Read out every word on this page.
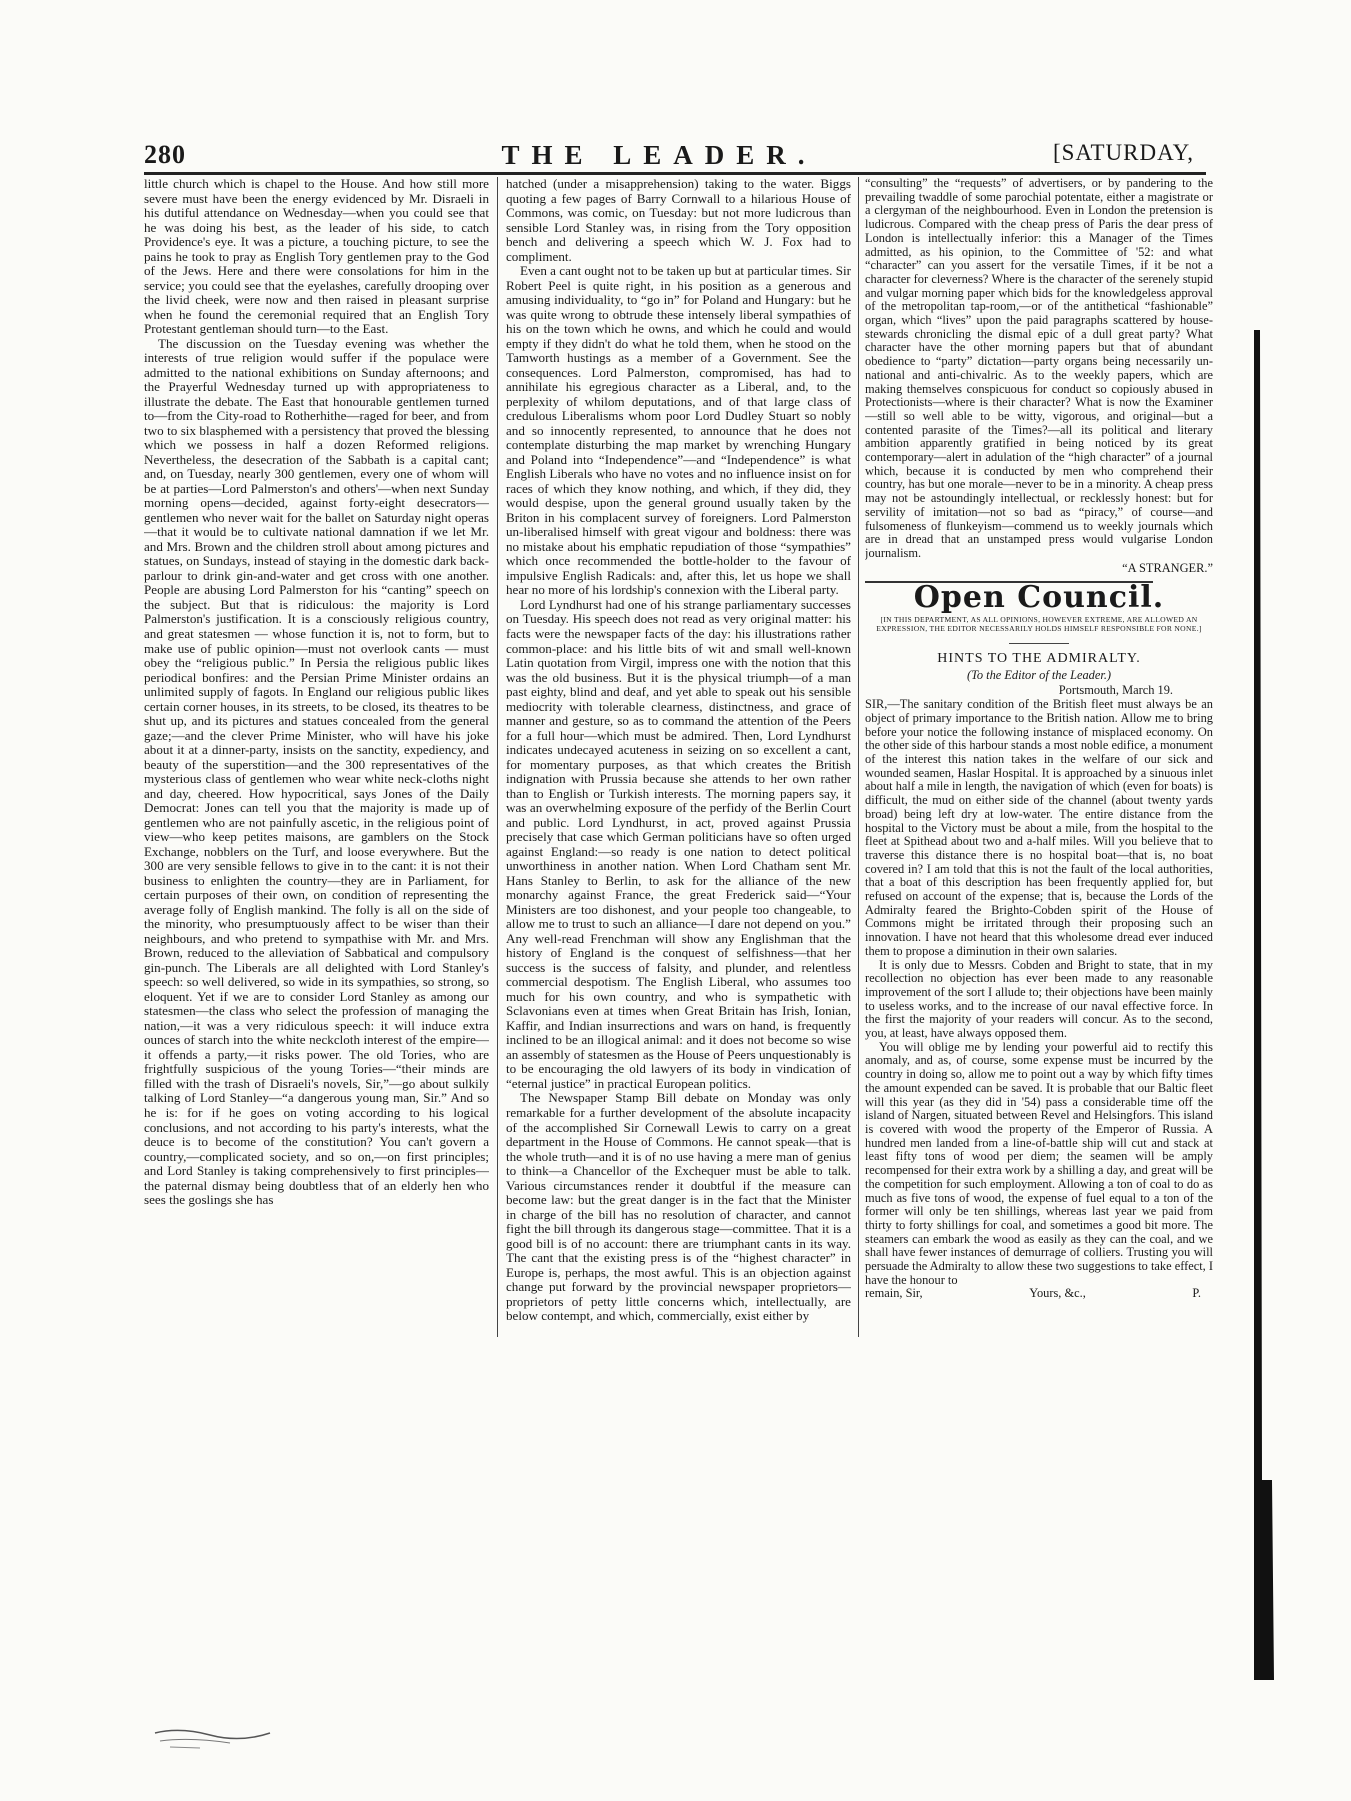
280	THE LEADER.	[SATURDAY,

little church which is chapel to the House. And how still more severe must have been the energy evidenced by Mr. Disraeli in his dutiful attendance on Wednesday—when you could see that he was doing his best, as the leader of his side, to catch Providence's eye. It was a picture, a touching picture, to see the pains he took to pray as English Tory gentlemen pray to the God of the Jews. Here and there were consolations for him in the service; you could see that the eyelashes, carefully drooping over the livid cheek, were now and then raised in pleasant surprise when he found the ceremonial required that an English Tory Protestant gentleman should turn—to the East.

The discussion on the Tuesday evening was whether the interests of true religion would suffer if the populace were admitted to the national exhibitions on Sunday afternoons; and the Prayerful Wednesday turned up with appropriateness to illustrate the debate. The East that honourable gentlemen turned to—from the City-road to Rotherhithe—raged for beer, and from two to six blasphemed with a persistency that proved the blessing which we possess in half a dozen Reformed religions. Nevertheless, the desecration of the Sabbath is a capital cant; and, on Tuesday, nearly 300 gentlemen, every one of whom will be at parties—Lord Palmerston's and others'—when next Sunday morning opens—decided, against forty-eight desecrators—gentlemen who never wait for the ballet on Saturday night operas—that it would be to cultivate national damnation if we let Mr. and Mrs. Brown and the children stroll about among pictures and statues, on Sundays, instead of staying in the domestic dark back-parlour to drink gin-and-water and get cross with one another. People are abusing Lord Palmerston for his “canting” speech on the subject. But that is ridiculous: the majority is Lord Palmerston's justification. It is a consciously religious country, and great statesmen — whose function it is, not to form, but to make use of public opinion—must not overlook cants — must obey the “religious public.” In Persia the religious public likes periodical bonfires: and the Persian Prime Minister ordains an unlimited supply of fagots. In England our religious public likes certain corner houses, in its streets, to be closed, its theatres to be shut up, and its pictures and statues concealed from the general gaze;—and the clever Prime Minister, who will have his joke about it at a dinner-party, insists on the sanctity, expediency, and beauty of the superstition—and the 300 representatives of the mysterious class of gentlemen who wear white neck-cloths night and day, cheered. How hypocritical, says Jones of the Daily Democrat: Jones can tell you that the majority is made up of gentlemen who are not painfully ascetic, in the religious point of view—who keep petites maisons, are gamblers on the Stock Exchange, nobblers on the Turf, and loose everywhere. But the 300 are very sensible fellows to give in to the cant: it is not their business to enlighten the country—they are in Parliament, for certain purposes of their own, on condition of representing the average folly of English mankind. The folly is all on the side of the minority, who presumptuously affect to be wiser than their neighbours, and who pretend to sympathise with Mr. and Mrs. Brown, reduced to the alleviation of Sabbatical and compulsory gin-punch. The Liberals are all delighted with Lord Stanley's speech: so well delivered, so wide in its sympathies, so strong, so eloquent. Yet if we are to consider Lord Stanley as among our statesmen—the class who select the profession of managing the nation,—it was a very ridiculous speech: it will induce extra ounces of starch into the white neckcloth interest of the empire—it offends a party,—it risks power. The old Tories, who are frightfully suspicious of the young Tories—“their minds are filled with the trash of Disraeli's novels, Sir,”—go about sulkily talking of Lord Stanley—“a dangerous young man, Sir.” And so he is: for if he goes on voting according to his logical conclusions, and not according to his party's interests, what the deuce is to become of the constitution? You can't govern a country,—complicated society, and so on,—on first principles; and Lord Stanley is taking comprehensively to first principles—the paternal dismay being doubtless that of an elderly hen who sees the goslings she has

hatched (under a misapprehension) taking to the water. Biggs quoting a few pages of Barry Cornwall to a hilarious House of Commons, was comic, on Tuesday: but not more ludicrous than sensible Lord Stanley was, in rising from the Tory opposition bench and delivering a speech which W. J. Fox had to compliment.

Even a cant ought not to be taken up but at particular times. Sir Robert Peel is quite right, in his position as a generous and amusing individuality, to “go in” for Poland and Hungary: but he was quite wrong to obtrude these intensely liberal sympathies of his on the town which he owns, and which he could and would empty if they didn't do what he told them, when he stood on the Tamworth hustings as a member of a Government. See the consequences. Lord Palmerston, compromised, has had to annihilate his egregious character as a Liberal, and, to the perplexity of whilom deputations, and of that large class of credulous Liberalisms whom poor Lord Dudley Stuart so nobly and so innocently represented, to announce that he does not contemplate disturbing the map market by wrenching Hungary and Poland into “Independence”—and “Independence” is what English Liberals who have no votes and no influence insist on for races of which they know nothing, and which, if they did, they would despise, upon the general ground usually taken by the Briton in his complacent survey of foreigners. Lord Palmerston un-liberalised himself with great vigour and boldness: there was no mistake about his emphatic repudiation of those “sympathies” which once recommended the bottle-holder to the favour of impulsive English Radicals: and, after this, let us hope we shall hear no more of his lordship's connexion with the Liberal party.

Lord Lyndhurst had one of his strange parliamentary successes on Tuesday. His speech does not read as very original matter: his facts were the newspaper facts of the day: his illustrations rather common-place: and his little bits of wit and small well-known Latin quotation from Virgil, impress one with the notion that this was the old business. But it is the physical triumph—of a man past eighty, blind and deaf, and yet able to speak out his sensible mediocrity with tolerable clearness, distinctness, and grace of manner and gesture, so as to command the attention of the Peers for a full hour—which must be admired. Then, Lord Lyndhurst indicates undecayed acuteness in seizing on so excellent a cant, for momentary purposes, as that which creates the British indignation with Prussia because she attends to her own rather than to English or Turkish interests. The morning papers say, it was an overwhelming exposure of the perfidy of the Berlin Court and public. Lord Lyndhurst, in act, proved against Prussia precisely that case which German politicians have so often urged against England:—so ready is one nation to detect political unworthiness in another nation. When Lord Chatham sent Mr. Hans Stanley to Berlin, to ask for the alliance of the new monarchy against France, the great Frederick said—“Your Ministers are too dishonest, and your people too changeable, to allow me to trust to such an alliance—I dare not depend on you.” Any well-read Frenchman will show any Englishman that the history of England is the conquest of selfishness—that her success is the success of falsity, and plunder, and relentless commercial despotism. The English Liberal, who assumes too much for his own country, and who is sympathetic with Sclavonians even at times when Great Britain has Irish, Ionian, Kaffir, and Indian insurrections and wars on hand, is frequently inclined to be an illogical animal: and it does not become so wise an assembly of statesmen as the House of Peers unquestionably is to be encouraging the old lawyers of its body in vindication of “eternal justice” in practical European politics.

The Newspaper Stamp Bill debate on Monday was only remarkable for a further development of the absolute incapacity of the accomplished Sir Cornewall Lewis to carry on a great department in the House of Commons. He cannot speak—that is the whole truth—and it is of no use having a mere man of genius to think—a Chancellor of the Exchequer must be able to talk. Various circumstances render it doubtful if the measure can become law: but the great danger is in the fact that the Minister in charge of the bill has no resolution of character, and cannot fight the bill through its dangerous stage—committee. That it is a good bill is of no account: there are triumphant cants in its way. The cant that the existing press is of the “highest character” in Europe is, perhaps, the most awful. This is an objection against change put forward by the provincial newspaper proprietors—proprietors of petty little concerns which, intellectually, are below contempt, and which, commercially, exist either by

“consulting” the “requests” of advertisers, or by pandering to the prevailing twaddle of some parochial potentate, either a magistrate or a clergyman of the neighbourhood. Even in London the pretension is ludicrous. Compared with the cheap press of Paris the dear press of London is intellectually inferior: this a Manager of the Times admitted, as his opinion, to the Committee of '52: and what “character” can you assert for the versatile Times, if it be not a character for cleverness? Where is the character of the serenely stupid and vulgar morning paper which bids for the knowledgeless approval of the metropolitan tap-room,—or of the antithetical “fashionable” organ, which “lives” upon the paid paragraphs scattered by house-stewards chronicling the dismal epic of a dull great party? What character have the other morning papers but that of abundant obedience to “party” dictation—party organs being necessarily un-national and anti-chivalric. As to the weekly papers, which are making themselves conspicuous for conduct so copiously abused in Protectionists—where is their character? What is now the Examiner—still so well able to be witty, vigorous, and original—but a contented parasite of the Times?—all its political and literary ambition apparently gratified in being noticed by its great contemporary—alert in adulation of the “high character” of a journal which, because it is conducted by men who comprehend their country, has but one morale—never to be in a minority. A cheap press may not be astoundingly intellectual, or recklessly honest: but for servility of imitation—not so bad as “piracy,” of course—and fulsomeness of flunkeyism—commend us to weekly journals which are in dread that an unstamped press would vulgarise London journalism.

“A STRANGER.”
Open Council.
[IN THIS DEPARTMENT, AS ALL OPINIONS, HOWEVER EXTREME, ARE ALLOWED AN EXPRESSION, THE EDITOR NECESSARILY HOLDS HIMSELF RESPONSIBLE FOR NONE.]
HINTS TO THE ADMIRALTY.
(To the Editor of the Leader.)
Portsmouth, March 19.

SIR,—The sanitary condition of the British fleet must always be an object of primary importance to the British nation. Allow me to bring before your notice the following instance of misplaced economy. On the other side of this harbour stands a most noble edifice, a monument of the interest this nation takes in the welfare of our sick and wounded seamen, Haslar Hospital. It is approached by a sinuous inlet about half a mile in length, the navigation of which (even for boats) is difficult, the mud on either side of the channel (about twenty yards broad) being left dry at low-water. The entire distance from the hospital to the Victory must be about a mile, from the hospital to the fleet at Spithead about two and a-half miles. Will you believe that to traverse this distance there is no hospital boat—that is, no boat covered in? I am told that this is not the fault of the local authorities, that a boat of this description has been frequently applied for, but refused on account of the expense; that is, because the Lords of the Admiralty feared the Brighto-Cobden spirit of the House of Commons might be irritated through their proposing such an innovation. I have not heard that this wholesome dread ever induced them to propose a diminution in their own salaries.

It is only due to Messrs. Cobden and Bright to state, that in my recollection no objection has ever been made to any reasonable improvement of the sort I allude to; their objections have been mainly to useless works, and to the increase of our naval effective force. In the first the majority of your readers will concur. As to the second, you, at least, have always opposed them.

You will oblige me by lending your powerful aid to rectify this anomaly, and as, of course, some expense must be incurred by the country in doing so, allow me to point out a way by which fifty times the amount expended can be saved. It is probable that our Baltic fleet will this year (as they did in '54) pass a considerable time off the island of Nargen, situated between Revel and Helsingfors. This island is covered with wood the property of the Emperor of Russia. A hundred men landed from a line-of-battle ship will cut and stack at least fifty tons of wood per diem; the seamen will be amply recompensed for their extra work by a shilling a day, and great will be the competition for such employment. Allowing a ton of coal to do as much as five tons of wood, the expense of fuel equal to a ton of the former will only be ten shillings, whereas last year we paid from thirty to forty shillings for coal, and sometimes a good bit more. The steamers can embark the wood as easily as they can the coal, and we shall have fewer instances of demurrage of colliers. Trusting you will persuade the Admiralty to allow these two suggestions to take effect, I have the honour to

remain, Sir,	Yours, &c.,	P.
